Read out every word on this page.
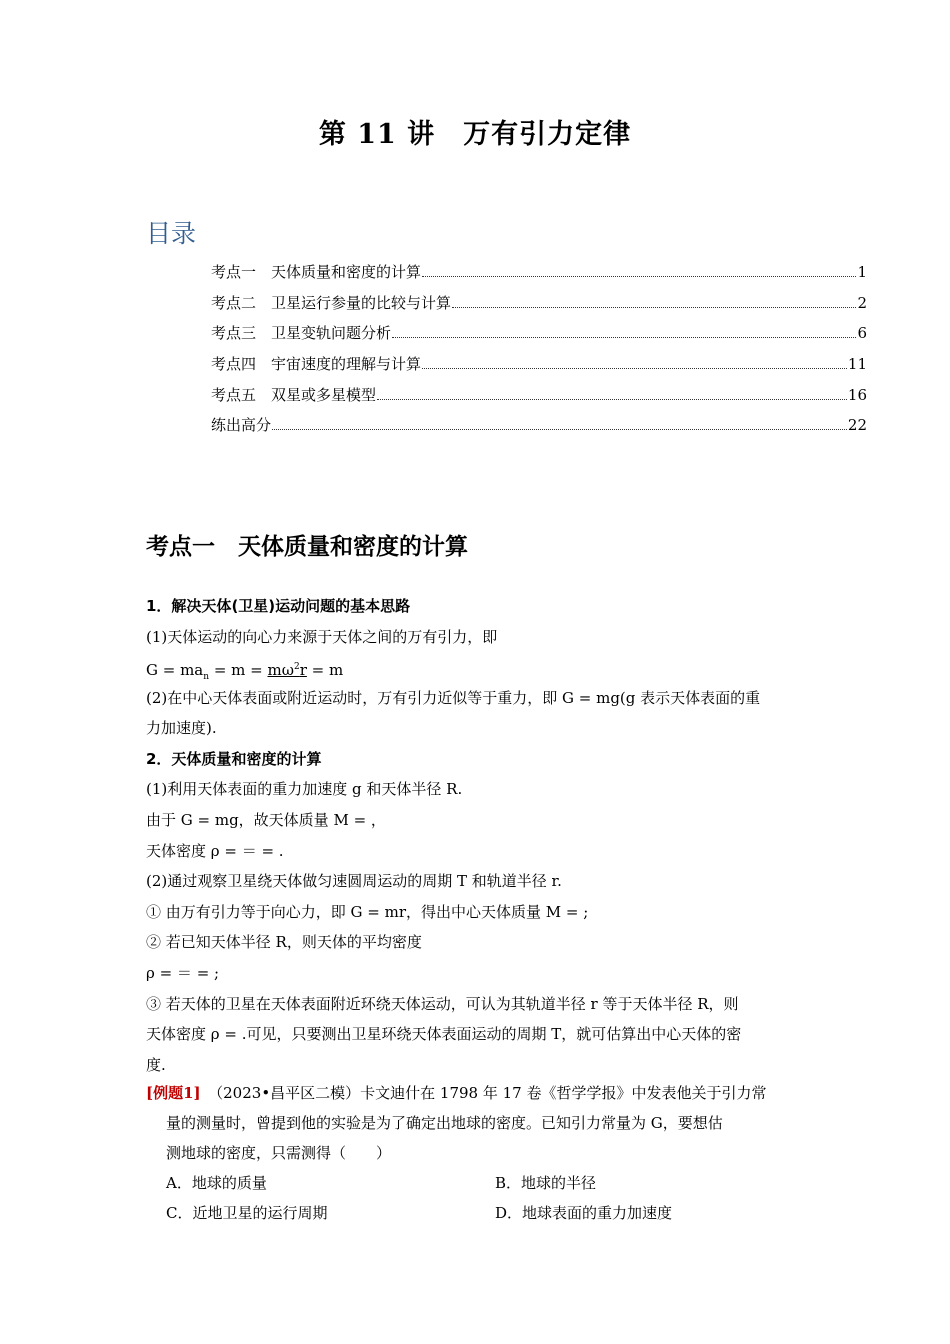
第 11 讲　万有引力定律
目录
考点一　天体质量和密度的计算	1
考点二　卫星运行参量的比较与计算	2
考点三　卫星变轨问题分析	6
考点四　宇宙速度的理解与计算	11
考点五　双星或多星模型	16
练出高分	22
考点一　天体质量和密度的计算
1．解决天体(卫星)运动问题的基本思路
(1)天体运动的向心力来源于天体之间的万有引力，即
$G = ma_n = m = m\omega^2r = m$
(2)在中心天体表面或附近运动时，万有引力近似等于重力，即 G = mg(g 表示天体表面的重
力加速度).
2．天体质量和密度的计算
(1)利用天体表面的重力加速度 g 和天体半径 R.
由于 G = mg，故天体质量 M = ，
天体密度 ρ = ＝ = .
(2)通过观察卫星绕天体做匀速圆周运动的周期 T 和轨道半径 r.
① 由万有引力等于向心力，即 G = mr，得出中心天体质量 M = ;
② 若已知天体半径 R，则天体的平均密度
ρ = ＝ = ;
③ 若天体的卫星在天体表面附近环绕天体运动，可认为其轨道半径 r 等于天体半径 R，则
天体密度 ρ = .可见，只要测出卫星环绕天体表面运动的周期 T，就可估算出中心天体的密
度.
[例题1]　（2023•昌平区二模）卡文迪什在 1798 年 17 卷《哲学学报》中发表他关于引力常
量的测量时，曾提到他的实验是为了确定出地球的密度。已知引力常量为 G，要想估
测地球的密度，只需测得（　　）
A．地球的质量	B．地球的半径
C．近地卫星的运行周期	D．地球表面的重力加速度
